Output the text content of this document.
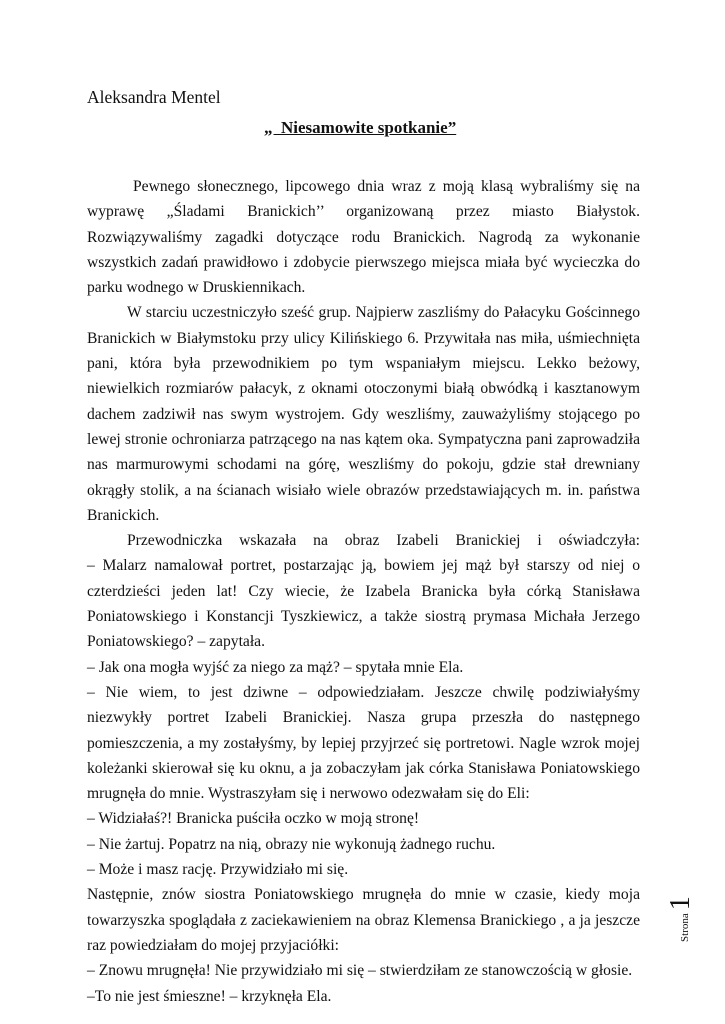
Aleksandra Mentel
„  Niesamowite spotkanie”

Pewnego słonecznego, lipcowego dnia wraz z moją klasą wybraliśmy się na wyprawę „Śladami Branickich’’ organizowaną przez miasto Białystok. Rozwiązywaliśmy zagadki dotyczące rodu Branickich. Nagrodą za wykonanie wszystkich zadań prawidłowo i zdobycie pierwszego miejsca miała być wycieczka do parku wodnego w Druskiennikach.

W starciu uczestniczyło sześć grup. Najpierw zaszliśmy do Pałacyku Gościnnego Branickich w Białymstoku przy ulicy Kilińskiego 6. Przywitała nas miła, uśmiechnięta pani, która była przewodnikiem po tym wspaniałym miejscu. Lekko beżowy, niewielkich rozmiarów pałacyk, z oknami otoczonymi białą obwódką i kasztanowym dachem zadziwił nas swym wystrojem. Gdy weszliśmy, zauważyliśmy stojącego po lewej stronie ochroniarza patrzącego na nas kątem oka. Sympatyczna pani zaprowadziła nas marmurowymi schodami na górę, weszliśmy do pokoju, gdzie stał drewniany okrągły stolik, a na ścianach wisiało wiele obrazów przedstawiających m. in. państwa Branickich.

Przewodniczka wskazała na obraz Izabeli Branickiej i oświadczyła:

– Malarz namalował portret, postarzając ją, bowiem jej mąż był starszy od niej o czterdzieści jeden lat! Czy wiecie, że Izabela Branicka była córką Stanisława Poniatowskiego i Konstancji Tyszkiewicz, a także siostrą prymasa Michała Jerzego Poniatowskiego? – zapytała.

– Jak ona mogła wyjść za niego za mąż? – spytała mnie Ela.

– Nie wiem, to jest dziwne – odpowiedziałam. Jeszcze chwilę podziwiałyśmy niezwykły portret Izabeli Branickiej. Nasza grupa przeszła do następnego pomieszczenia, a my zostałyśmy, by lepiej przyjrzeć się portretowi. Nagle wzrok mojej koleżanki skierował się ku oknu, a ja zobaczyłam jak córka Stanisława Poniatowskiego mrugnęła do mnie. Wystraszyłam się i nerwowo odezwałam się do Eli:

– Widziałaś?! Branicka puściła oczko w moją stronę!

– Nie żartuj. Popatrz na nią, obrazy nie wykonują żadnego ruchu.

– Może i masz rację. Przywidziało mi się.

Następnie, znów siostra Poniatowskiego mrugnęła do mnie w czasie, kiedy moja towarzyszka spoglądała z zaciekawieniem na obraz Klemensa Branickiego , a ja jeszcze raz powiedziałam do mojej przyjaciółki:

– Znowu mrugnęła! Nie przywidziało mi się – stwierdziłam ze stanowczością w głosie.

–To nie jest śmieszne! – krzyknęła Ela.

Strona
1
